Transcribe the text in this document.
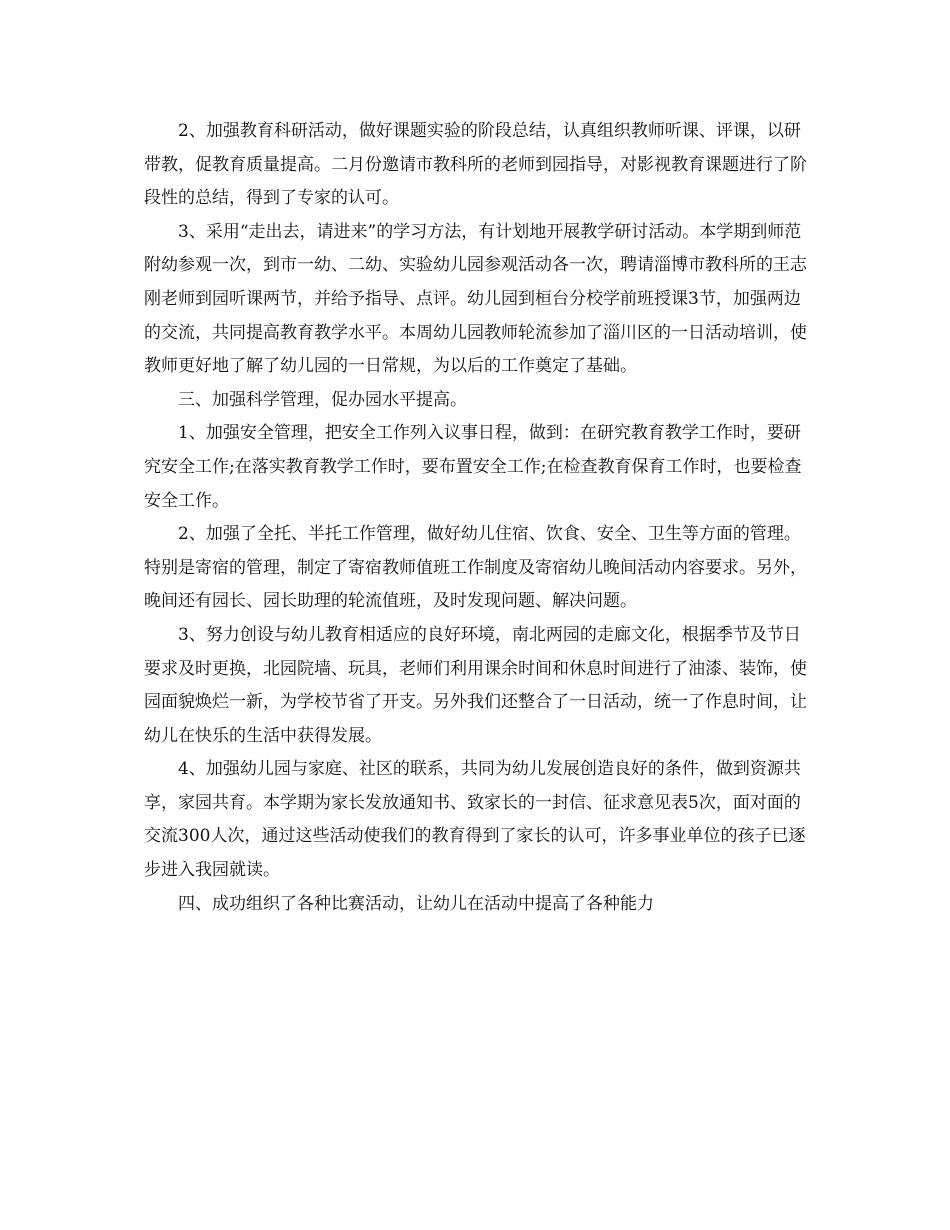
2、加强教育科研活动，做好课题实验的阶段总结，认真组织教师听课、评课，以研带教，促教育质量提高。二月份邀请市教科所的老师到园指导，对影视教育课题进行了阶段性的总结，得到了专家的认可。

3、采用“走出去，请进来”的学习方法，有计划地开展教学研讨活动。本学期到师范附幼参观一次，到市一幼、二幼、实验幼儿园参观活动各一次，聘请淄博市教科所的王志刚老师到园听课两节，并给予指导、点评。幼儿园到桓台分校学前班授课3节，加强两边的交流，共同提高教育教学水平。本周幼儿园教师轮流参加了淄川区的一日活动培训，使教师更好地了解了幼儿园的一日常规，为以后的工作奠定了基础。

三、加强科学管理，促办园水平提高。

1、加强安全管理，把安全工作列入议事日程，做到：在研究教育教学工作时，要研究安全工作;在落实教育教学工作时，要布置安全工作;在检查教育保育工作时，也要检查安全工作。

2、加强了全托、半托工作管理，做好幼儿住宿、饮食、安全、卫生等方面的管理。特别是寄宿的管理，制定了寄宿教师值班工作制度及寄宿幼儿晚间活动内容要求。另外，晚间还有园长、园长助理的轮流值班，及时发现问题、解决问题。

3、努力创设与幼儿教育相适应的良好环境，南北两园的走廊文化，根据季节及节日要求及时更换，北园院墙、玩具，老师们利用课余时间和休息时间进行了油漆、装饰，使园面貌焕烂一新，为学校节省了开支。另外我们还整合了一日活动，统一了作息时间，让幼儿在快乐的生活中获得发展。

4、加强幼儿园与家庭、社区的联系，共同为幼儿发展创造良好的条件，做到资源共享，家园共育。本学期为家长发放通知书、致家长的一封信、征求意见表5次，面对面的交流300人次，通过这些活动使我们的教育得到了家长的认可，许多事业单位的孩子已逐步进入我园就读。

四、成功组织了各种比赛活动，让幼儿在活动中提高了各种能力
